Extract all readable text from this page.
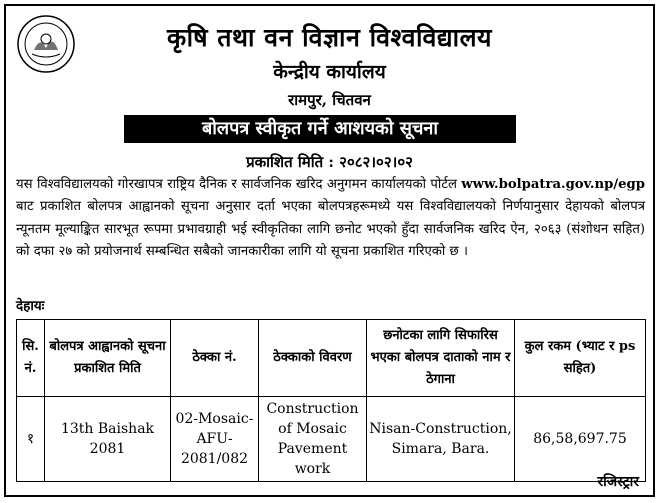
कृषि तथा वन विज्ञान विश्वविद्यालय
केन्द्रीय कार्यालय
रामपुर, चितवन
बोलपत्र स्वीकृत गर्ने आशयको सूचना
प्रकाशित मिति : २०८२।०२।०२
यस विश्वविद्यालयको गोरखापत्र राष्ट्रिय दैनिक र सार्वजनिक खरिद अनुगमन कार्यालयको पोर्टल www.bolpatra.gov.np/egp बाट प्रकाशित बोलपत्र आह्वानको सूचना अनुसार दर्ता भएका बोलपत्रहरूमध्ये यस विश्वविद्यालयको निर्णयानुसार देहायको बोलपत्र न्यूनतम मूल्याङ्कित सारभूत रूपमा प्रभावग्राही भई स्वीकृतिका लागि छनोट भएको हुँदा सार्वजनिक खरिद ऐन, २०६३ (संशोधन सहित) को दफा २७ को प्रयोजनार्थ सम्बन्धित सबैको जानकारीका लागि यो सूचना प्रकाशित गरिएको छ ।
देहायः
सि. नं.	बोलपत्र आह्वानको सूचना प्रकाशित मिति	ठेक्का नं.	ठेक्काको विवरण	छनोटका लागि सिफारिस भएका बोलपत्र दाताको नाम र ठेगाना	कुल रकम (भ्याट र ps सहित)
१	13th Baishak 2081	02-Mosaic-AFU-2081/082	Construction of Mosaic Pavement work	Nisan-Construction, Simara, Bara.	86,58,697.75
रजिस्ट्रार
